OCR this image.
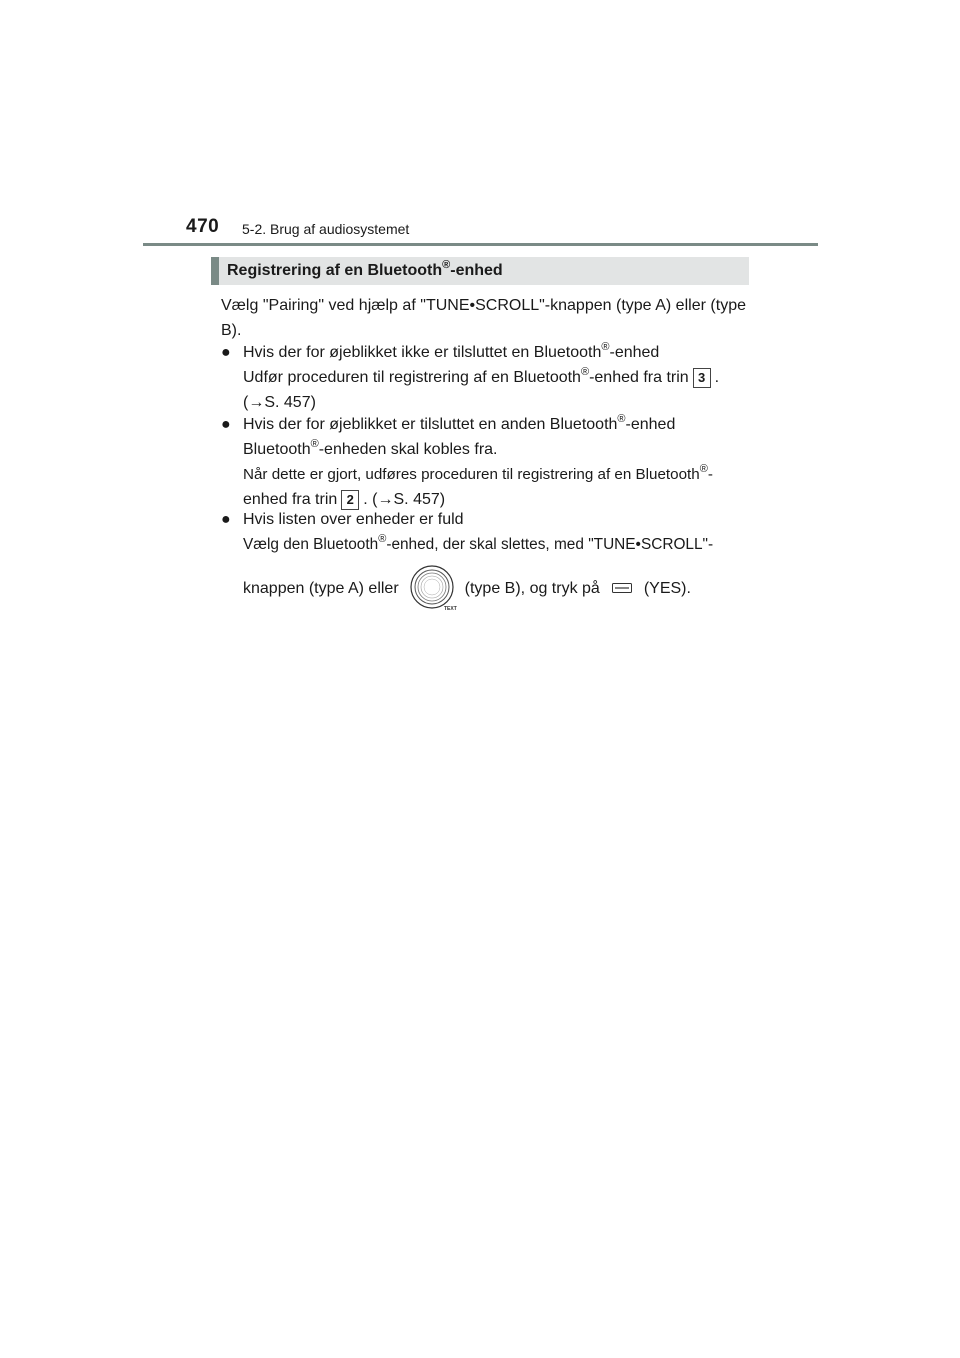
470 5-2. Brug af audiosystemet
Registrering af en Bluetooth®-enhed
Vælg "Pairing" ved hjælp af "TUNE•SCROLL"-knappen (type A) eller (type B).
● Hvis der for øjeblikket ikke er tilsluttet en Bluetooth®-enhed
Udfør proceduren til registrering af en Bluetooth®-enhed fra trin 3 .
(→S. 457)
● Hvis der for øjeblikket er tilsluttet en anden Bluetooth®-enhed
Bluetooth®-enheden skal kobles fra.
Når dette er gjort, udføres proceduren til registrering af en Bluetooth®-
enhed fra trin 2 . (→S. 457)
● Hvis listen over enheder er fuld
Vælg den Bluetooth®-enhed, der skal slettes, med "TUNE•SCROLL"-
knappen (type A) eller
TEXT
(type B), og tryk på	(YES).
